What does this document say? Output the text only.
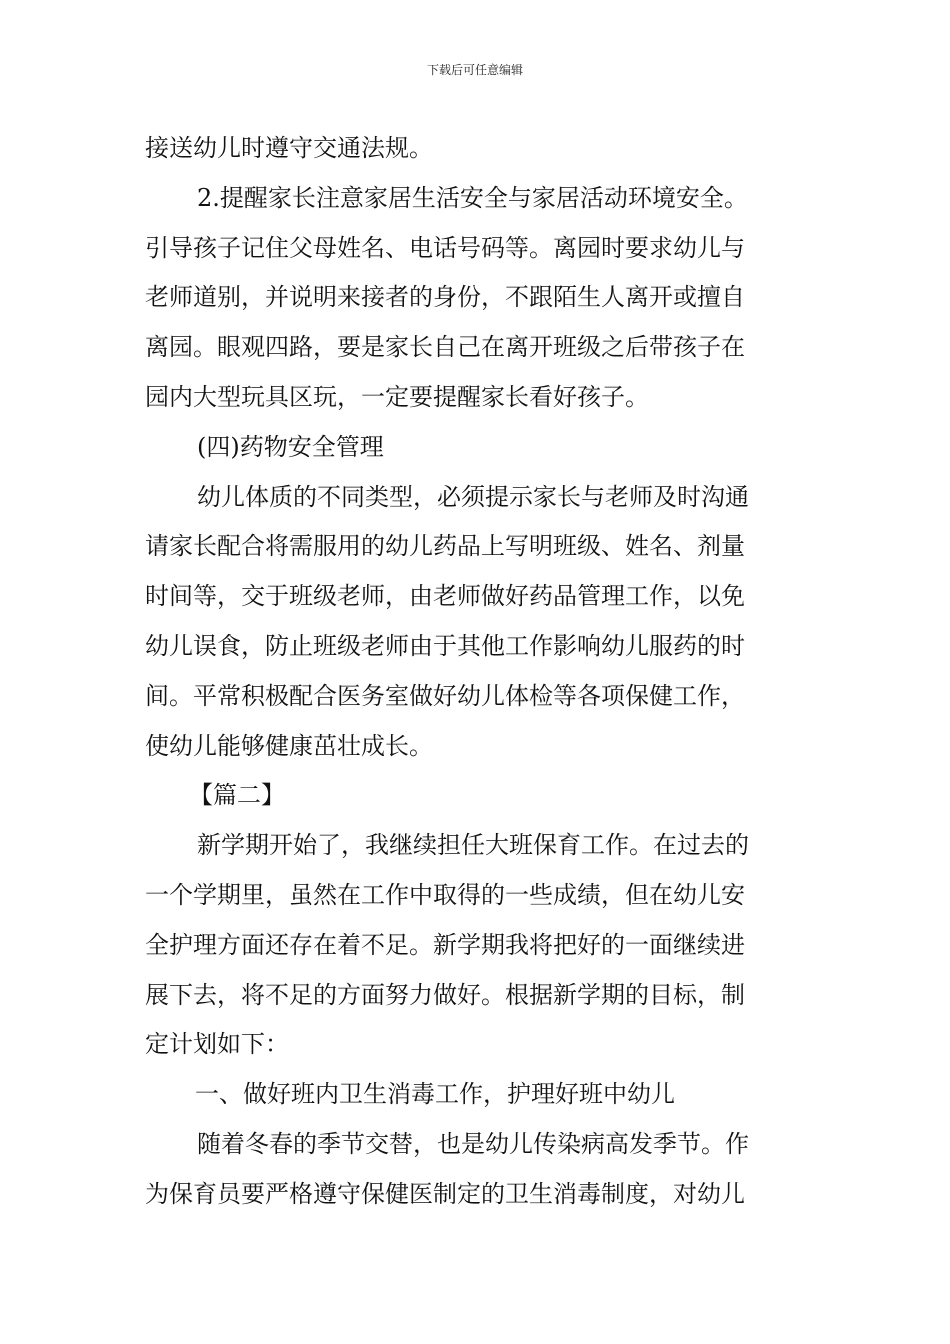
下载后可任意编辑
接送幼儿时遵守交通法规。
2.提醒家长注意家居生活安全与家居活动环境安全。
引导孩子记住父母姓名、电话号码等。离园时要求幼儿与
老师道别，并说明来接者的身份，不跟陌生人离开或擅自
离园。眼观四路，要是家长自己在离开班级之后带孩子在
园内大型玩具区玩，一定要提醒家长看好孩子。
(四)药物安全管理
幼儿体质的不同类型，必须提示家长与老师及时沟通
请家长配合将需服用的幼儿药品上写明班级、姓名、剂量
时间等，交于班级老师，由老师做好药品管理工作，以免
幼儿误食，防止班级老师由于其他工作影响幼儿服药的时
间。平常积极配合医务室做好幼儿体检等各项保健工作，
使幼儿能够健康茁壮成长。
【篇二】
新学期开始了，我继续担任大班保育工作。在过去的
一个学期里，虽然在工作中取得的一些成绩，但在幼儿安
全护理方面还存在着不足。新学期我将把好的一面继续进
展下去，将不足的方面努力做好。根据新学期的目标，制
定计划如下：
一、做好班内卫生消毒工作，护理好班中幼儿
随着冬春的季节交替，也是幼儿传染病高发季节。作
为保育员要严格遵守保健医制定的卫生消毒制度，对幼儿
